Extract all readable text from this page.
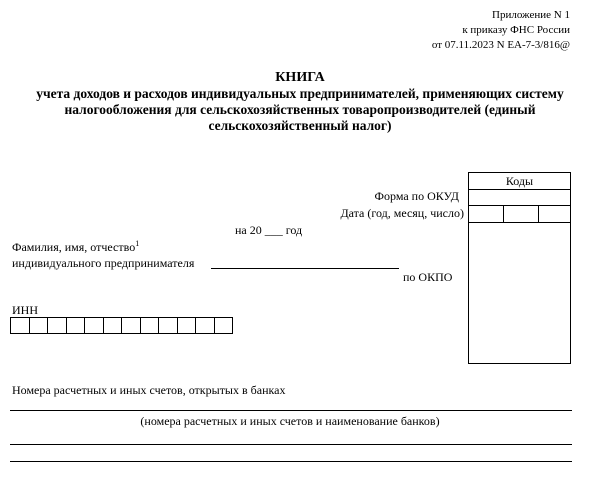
Приложение N 1
к приказу ФНС России
от 07.11.2023 N ЕА-7-3/816@
КНИГА
учета доходов и расходов индивидуальных предпринимателей, применяющих систему
налогообложения для сельскохозяйственных товаропроизводителей (единый
сельскохозяйственный налог)
Коды
Форма по ОКУД
Дата (год, месяц, число)
по ОКПО
на 20 ___ год
Фамилия, имя, отчество$^1$
индивидуального предпринимателя
ИНН
Номера расчетных и иных счетов, открытых в банках
(номера расчетных и иных счетов и наименование банков)
